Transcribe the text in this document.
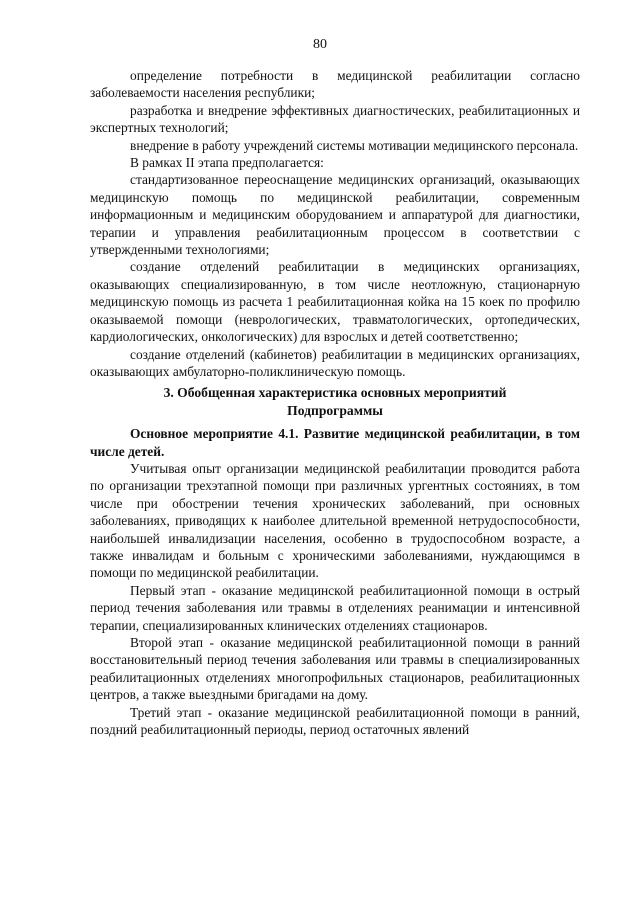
80

определение потребности в медицинской реабилитации согласно заболеваемости населения республики;

разработка и внедрение эффективных диагностических, реабилитационных и экспертных технологий;

внедрение в работу учреждений системы мотивации медицинского персонала.

В рамках II этапа предполагается:

стандартизованное переоснащение медицинских организаций, оказывающих медицинскую помощь по медицинской реабилитации, современным информационным и медицинским оборудованием и аппаратурой для диагностики, терапии и управления реабилитационным процессом в соответствии с утвержденными технологиями;

создание отделений реабилитации в медицинских организациях, оказывающих специализированную, в том числе неотложную, стационарную медицинскую помощь из расчета 1 реабилитационная койка на 15 коек по профилю оказываемой помощи (неврологических, травматологических, ортопедических, кардиологических, онкологических) для взрослых и детей соответственно;

создание отделений (кабинетов) реабилитации в медицинских организациях, оказывающих амбулаторно-поликлиническую помощь.

3. Обобщенная характеристика основных мероприятий
Подпрограммы

Основное мероприятие 4.1. Развитие медицинской реабилитации, в том числе детей.

Учитывая опыт организации медицинской реабилитации проводится работа по организации трехэтапной помощи при различных ургентных состояниях, в том числе при обострении течения хронических заболеваний, при основных заболеваниях, приводящих к наиболее длительной временной нетрудоспособности, наибольшей инвалидизации населения, особенно в трудоспособном возрасте, а также инвалидам и больным с хроническими заболеваниями, нуждающимся в помощи по медицинской реабилитации.

Первый этап - оказание медицинской реабилитационной помощи в острый период течения заболевания или травмы в отделениях реанимации и интенсивной терапии, специализированных клинических отделениях стационаров.

Второй этап - оказание медицинской реабилитационной помощи в ранний восстановительный период течения заболевания или травмы в специализированных реабилитационных отделениях многопрофильных стационаров, реабилитационных центров, а также выездными бригадами на дому.

Третий этап - оказание медицинской реабилитационной помощи в ранний, поздний реабилитационный периоды, период остаточных явлений
